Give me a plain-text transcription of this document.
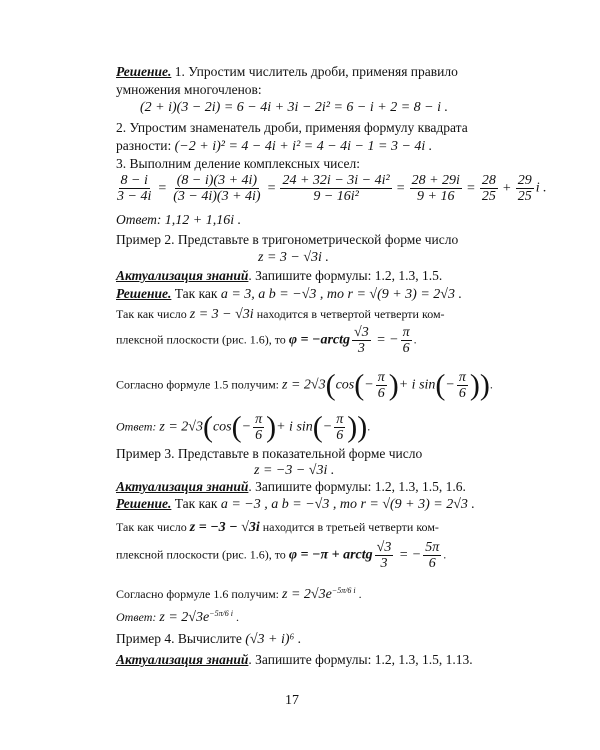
Решение. 1. Упростим числитель дроби, применяя правило
умножения многочленов:
(2 + i)(3 − 2i) = 6 − 4i + 3i − 2i² = 6 − i + 2 = 8 − i .
2. Упростим знаменатель дроби, применяя формулу квадрата
разности: (−2 + i)² = 4 − 4i + i² = 4 − 4i − 1 = 3 − 4i .
3. Выполним деление комплексных чисел:
$\frac{8 - i}{3 - 4i} = \frac{(8 - i)(3 + 4i)}{(3 - 4i)(3 + 4i)} = \frac{\text{24 + 32i − 3i − 4i²}}{\text{9 − 16i²}} = \frac{28 + 29i}{9 + 16} = \frac{28}{25} + \frac{29}{25}$ i .
Ответ: 1,12 + 1,16i .
Пример 2. Представьте в тригонометрической форме число
z = 3 − √3i .
Актуализация знаний. Запишите формулы: 1.2, 1.3, 1.5.
Решение. Так как a = 3, a b = −√3 , то r = √(9 + 3) = 2√3 .
Так как число z = 3 − √3i находится в четвертой четверти ком-
плексной плоскости (рис. 1.6), то φ = −arctg $\frac{√3}{3}$ = − $\frac{\pi}{6}$ .
Согласно формуле 1.5 получим: $z = 2√3(\cos(- \frac{\pi}{6}$ )+ i $\sin(- \frac{\pi}{6}$ )).
Ответ: $z = 2√3(\cos(- \frac{\pi}{6}$ )+ i $\sin(- \frac{\pi}{6}$ )).
Пример 3. Представьте в показательной форме число
z = −3 − √3i .
Актуализация знаний. Запишите формулы: 1.2, 1.3, 1.5, 1.6.
Решение. Так как a = −3 , a b = −√3 , то r = √(9 + 3) = 2√3 .
Так как число z = −3 − √3i находится в третьей четверти ком-
плексной плоскости (рис. 1.6), то φ = −π + arctg $\frac{√3}{3}$ = − $\frac{5\pi}{6}$ .
Согласно формуле 1.6 получим: $z = 2√3e^{-5\pi/6 i}$ .
Ответ: $z = 2√3e^{-5\pi/6 i}$ .
Пример 4. Вычислите (√3 + i)⁶ .
Актуализация знаний. Запишите формулы: 1.2, 1.3, 1.5, 1.13.
17
